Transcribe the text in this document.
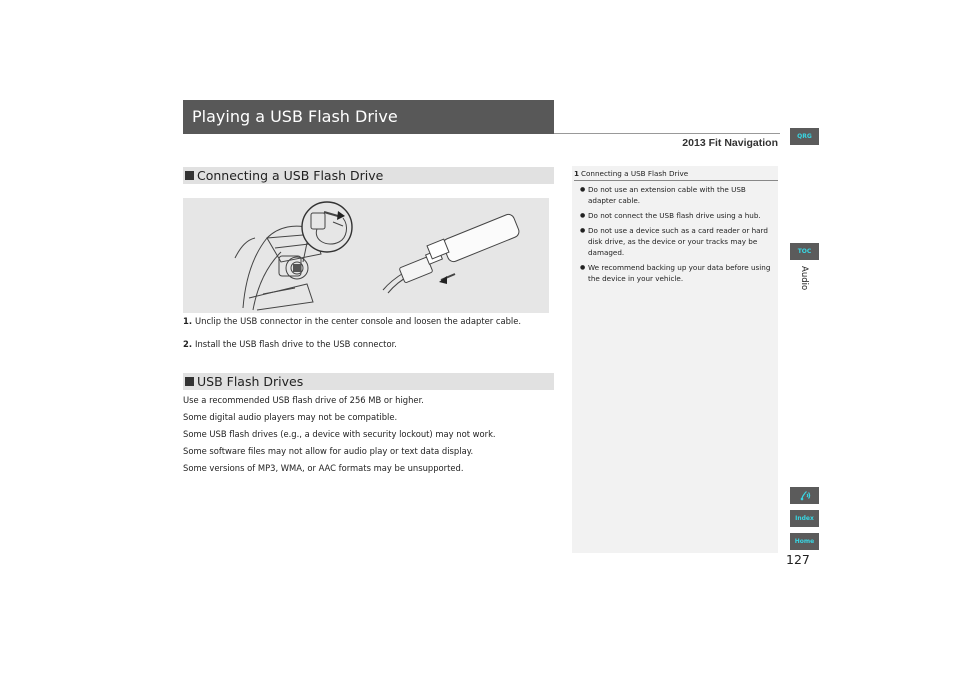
Playing a USB Flash Drive
2013 Fit Navigation
Connecting a USB Flash Drive
1. Unclip the USB connector in the center console and loosen the adapter cable.
2. Install the USB flash drive to the USB connector.
USB Flash Drives
Use a recommended USB flash drive of 256 MB or higher.
Some digital audio players may not be compatible.
Some USB flash drives (e.g., a device with security lockout) may not work.
Some software files may not allow for audio play or text data display.
Some versions of MP3, WMA, or AAC formats may be unsupported.
1 Connecting a USB Flash Drive
● Do not use an extension cable with the USB adapter cable.
● Do not connect the USB flash drive using a hub.
● Do not use a device such as a card reader or hard disk drive, as the device or your tracks may be damaged.
● We recommend backing up your data before using the device in your vehicle.
QRG
TOC
Audio
Index
Home
127
